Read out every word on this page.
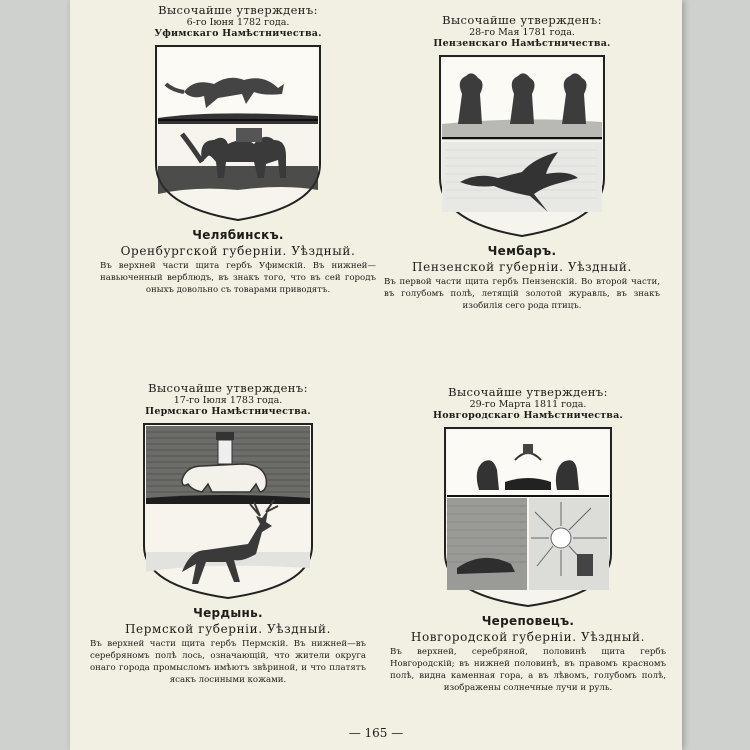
Высочайше утвержденъ:
6-го Іюня 1782 года.
Уфимскаго Намѣстничества.
Челябинскъ.
Оренбургской губерніи. Уѣздный.
Въ верхней части щита гербъ Уфимскій. Въ нижней—навьюченный верблюдъ, въ знакъ того, что въ сей городъ оныхъ довольно съ товарами приводятъ.
Высочайше утвержденъ:
28-го Мая 1781 года.
Пензенскаго Намѣстничества.
Чембаръ.
Пензенской губерніи. Уѣздный.
Въ первой части щита гербъ Пензенскій. Во второй части, въ голубомъ полѣ, летящій золотой журавль, въ знакъ изобилія сего рода птицъ.
Высочайше утвержденъ:
17-го Іюля 1783 года.
Пермскаго Намѣстничества.
Чердынь.
Пермской губерніи. Уѣздный.
Въ верхней части щита гербъ Пермскій. Въ нижней—въ серебряномъ полѣ лось, означающій, что жители округа онаго города промысломъ имѣютъ звѣриной, и что платятъ ясакъ лосиными кожами.
Высочайше утвержденъ:
29-го Марта 1811 года.
Новгородскаго Намѣстничества.
Череповецъ.
Новгородской губерніи. Уѣздный.
Въ верхней, серебряной, половинѣ щита гербъ Новгородскій; въ нижней половинѣ, въ правомъ красномъ полѣ, видна каменная гора, а въ лѣвомъ, голубомъ полѣ, изображены солнечные лучи и руль.
— 165 —
